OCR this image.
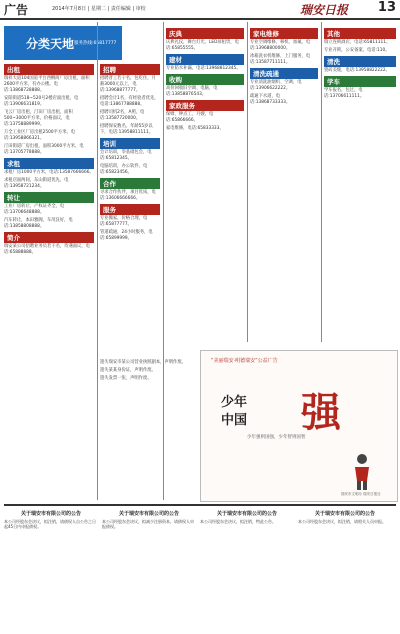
广告	2014年7月8日 | 星期二 | 责任编辑 | 审校	瑞安日报 13
分类天地 服务热线:65817777
出租
瑞祥大道104国道平台西侧商厂房出租，面积2600平方米，有办公楼。电话:13868728888。
安阳街道518~520号2楼店面出租，电话:13906631819。
飞云厂房出租，汀田厂房出租，面积500~3000平方米，价格面议，电话:13758889999。
万全工业区厂房出租2500平方米，电话:13958866321。
汀田街道厂房出租，面积3000平方米，电话:13705778888。
求租
求租厂房1000平方米，电话:13587666666。
求租店面两间，东山街道优先，电话:13958721234。
转让
工业厂房转让，产权证齐全，电话:13706648888。
汽车转让，本田雅阁，车况良好，电话:13858808888。
简介
瑞安某公司招聘业务员若干名，待遇面议，电话:65888888。
招聘
招聘普工若干名，包吃住，月薪3000元以上，电话:13968877777。
招聘会计1名，有经验者优先，电话:13867788888。
招聘司机2名，A照，电话:13587720000。
招聘保安数名，年龄55岁以下，电话:13958811111。
培训
会计培训，零基础包会，电话:65812345。
电脑培训，办公软件，电话:65823456。
合作
寻求合作伙伴，项目优质，电话:13606666666。
服务
专业搬家，价格合理，电话:65877777。
管道疏通，24小时服务，电话:65899999。
庆典
庆典礼仪，舞台灯光，LED屏租赁，电话:65855555。
建材
专业防水补漏，电话:13968812345。
收购
高价回收旧空调、电脑，电话:13858876543。
家政服务
保姆、钟点工、月嫂，电话:65866666。
家电维修，电话:65833333。
家电维修
专业空调维修、移机、加氟，电话:13968800000。
冰箱洗衣机维修，上门服务，电话:13587711111。
清洗疏通
专业清洗油烟机、空调，电话:13906622222。
疏通下水道，电话:13868733333。
其他
瑞立连锁酒店，电话:65811111。
专业开锁，公安备案，电话:110。
清洗
瓷砖美缝，电话:13958822222。
学车
学车报名，包过，电话:13706611111。
遗失瑞安市某公司营业执照副本，声明作废。
遗失某某身份证，声明作废。
遗失发票一张，声明作废。
“美丽瑞安·明德瑞安”公益广告
少年
中国 强
少年强则国强，少年智则国智
瑞安市文明办 瑞安日报社
关于瑞安市有限公司的公告
本公司经股东会决议，拟注销，请债权人自公告之日起45日内申报债权。
关于瑞安市有限公司的公告
本公司经股东会决议，拟减少注册资本，请债权人申报债权。
关于瑞安市有限公司的公告
本公司经股东会决议，拟注销，特此公告。
关于瑞安市有限公司的公告
本公司经股东会决议，拟注销，请相关人员申报。
